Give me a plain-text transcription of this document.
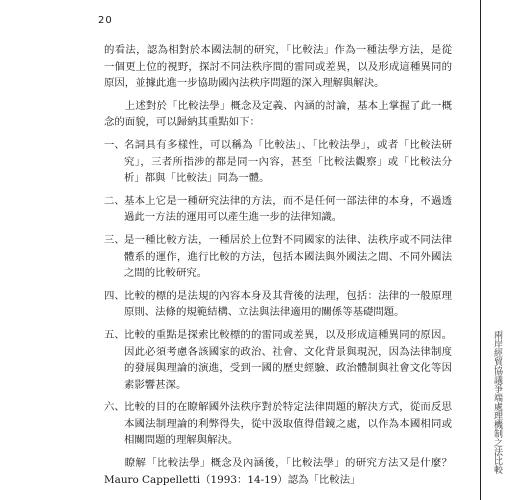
20
兩岸經貿協議爭端處理機制之法比較

的看法，認為相對於本國法制的研究，「比較法」作為一種法學方法，是從一個更上位的視野，探討不同法秩序間的雷同或差異，以及形成這種異同的原因，並據此進一步協助國內法秩序問題的深入理解與解決。

上述對於「比較法學」概念及定義、內涵的討論，基本上掌握了此一概念的面貌，可以歸納其重點如下：

一、 名詞具有多樣性，可以稱為「比較法」、「比較法學」，或者「比較法研究」，三者所指涉的都是同一內容，甚至「比較法觀察」或「比較法分析」都與「比較法」同為一體。
二、 基本上它是一種研究法律的方法，而不是任何一部法律的本身，不過透過此一方法的運用可以產生進一步的法律知識。
三、 是一種比較方法，一種居於上位對不同國家的法律、法秩序或不同法律體系的運作，進行比較的方法，包括本國法與外國法之間、不同外國法之間的比較研究。
四、 比較的標的是法規的內容本身及其背後的法理，包括：法律的一般原理原則、法條的規範結構、立法與法律適用的關係等基礎問題。
五、 比較的重點是探索比較標的的雷同或差異，以及形成這種異同的原因。因此必須考慮各該國家的政治、社會、文化背景與現況，因為法律制度的發展與理論的演進，受到一國的歷史經驗、政治體制與社會文化等因素影響甚深。
六、 比較的目的在瞭解國外法秩序對於特定法律問題的解決方式，從而反思本國法制理論的利弊得失，從中汲取值得借鏡之處，以作為本國相同或相關問題的理解與解決。

瞭解「比較法學」概念及內涵後，「比較法學」的研究方法又是什麼？ Mauro Cappelletti（1993：14-19）認為「比較法」
